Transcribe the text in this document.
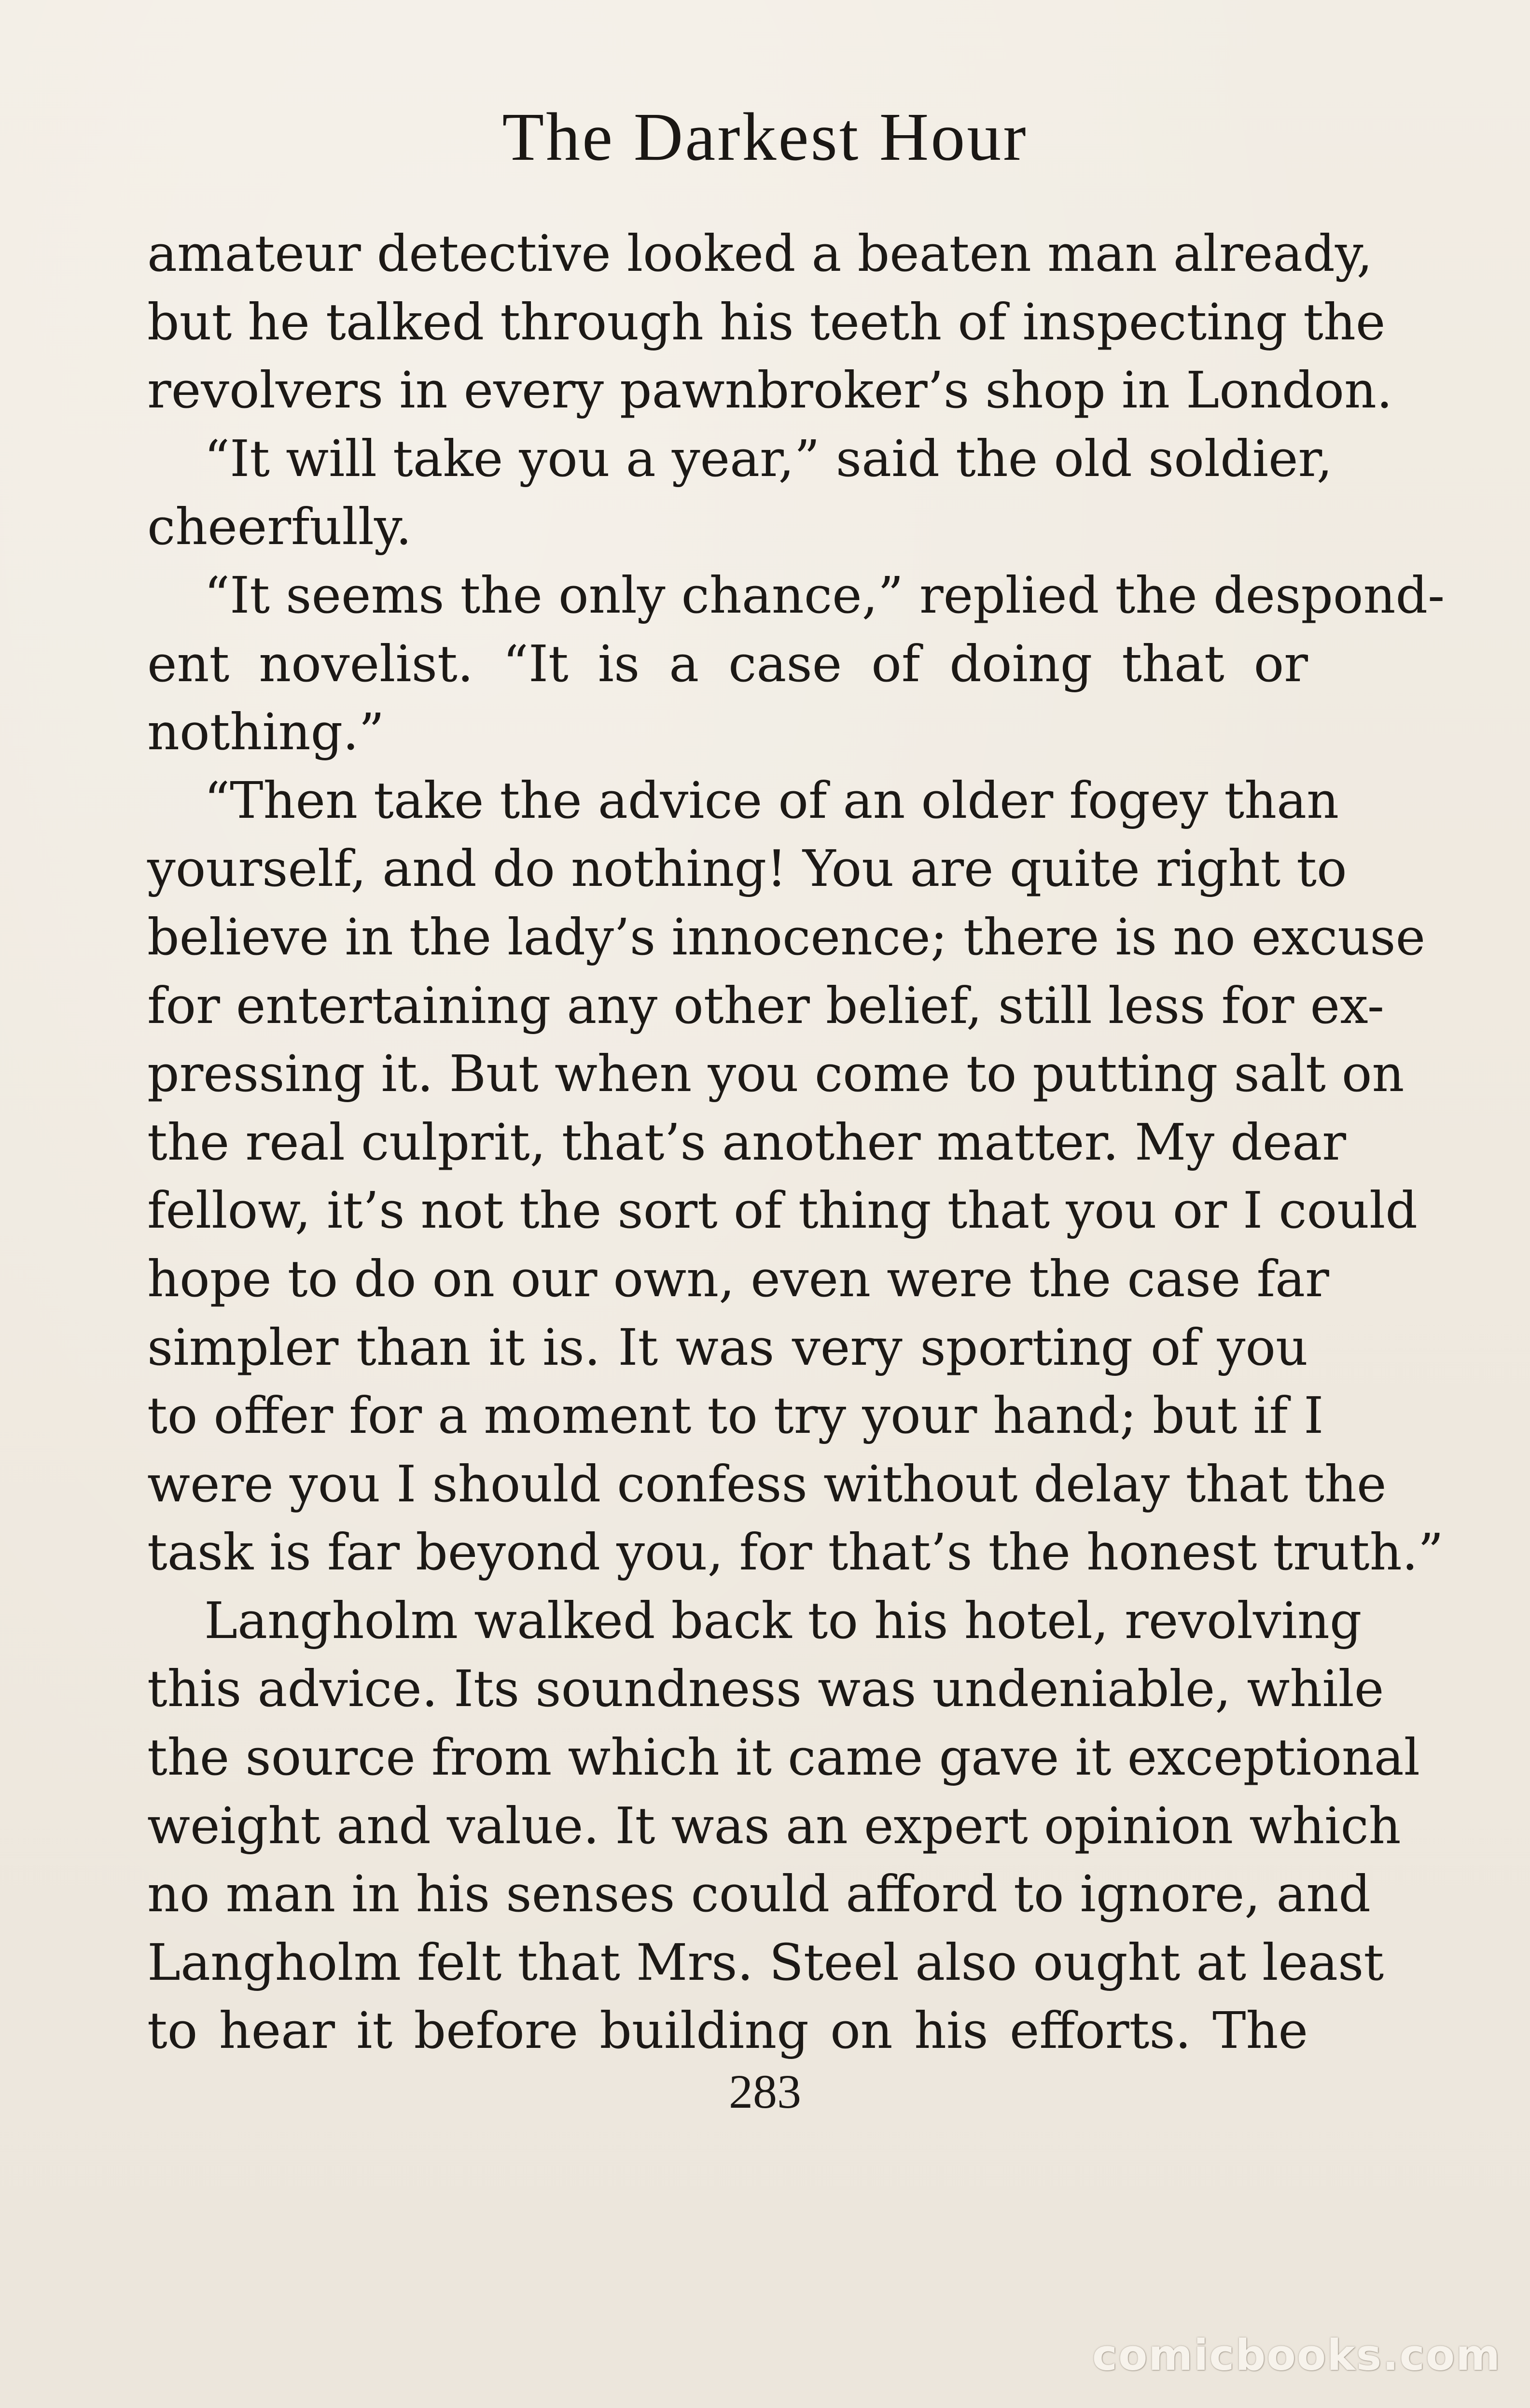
The Darkest Hour
amateur detective looked a beaten man already,
but he talked through his teeth of inspecting the
revolvers in every pawnbroker’s shop in London.
“It will take you a year,” said the old soldier,
cheerfully.
“It seems the only chance,” replied the despond-
ent novelist. “It is a case of doing that or
nothing.”
“Then take the advice of an older fogey than
yourself, and do nothing! You are quite right to
believe in the lady’s innocence; there is no excuse
for entertaining any other belief, still less for ex-
pressing it. But when you come to putting salt on
the real culprit, that’s another matter. My dear
fellow, it’s not the sort of thing that you or I could
hope to do on our own, even were the case far
simpler than it is. It was very sporting of you
to offer for a moment to try your hand; but if I
were you I should confess without delay that the
task is far beyond you, for that’s the honest truth.”
Langholm walked back to his hotel, revolving
this advice. Its soundness was undeniable, while
the source from which it came gave it exceptional
weight and value. It was an expert opinion which
no man in his senses could afford to ignore, and
Langholm felt that Mrs. Steel also ought at least
to hear it before building on his efforts. The
283
comicbooks.com
